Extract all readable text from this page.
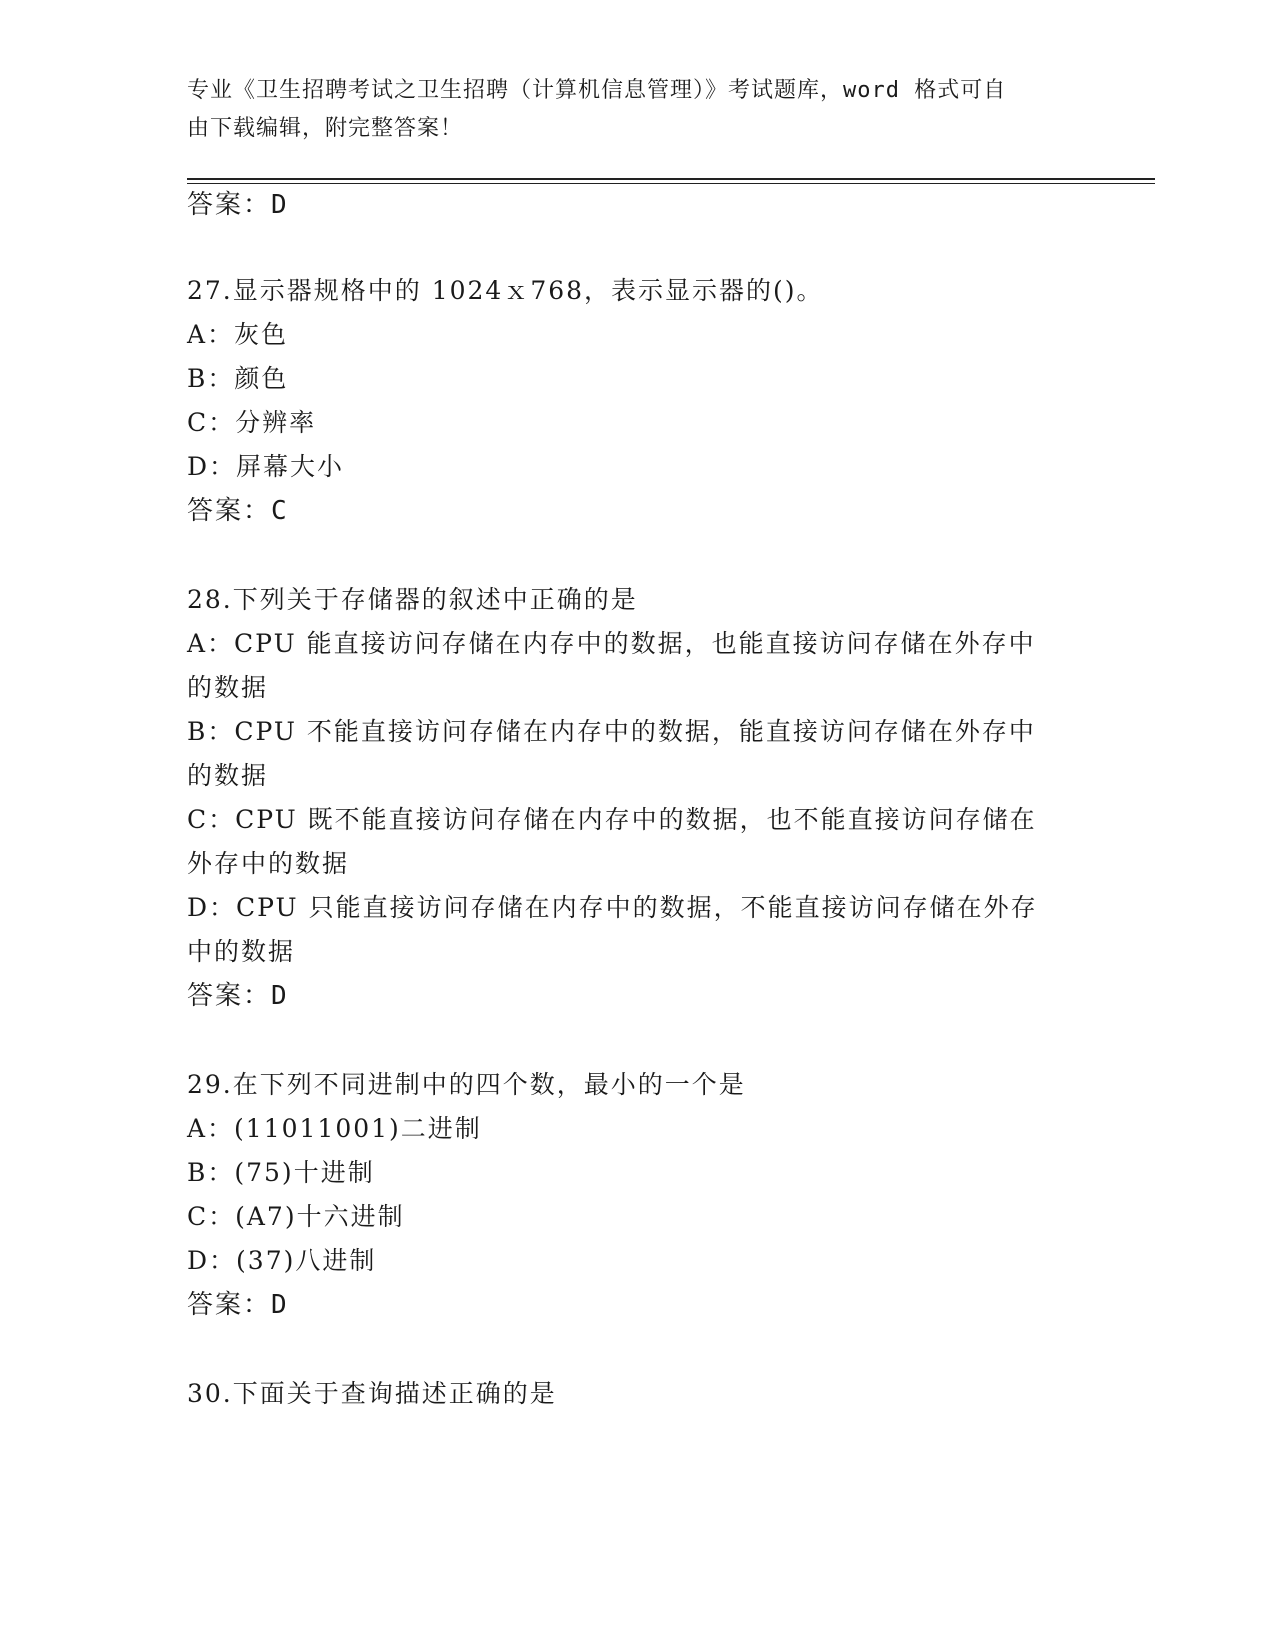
专业《卫生招聘考试之卫生招聘（计算机信息管理）》考试题库，word 格式可自
由下载编辑，附完整答案！
答案：D
27.显示器规格中的 1024ｘ768，表示显示器的()。
A：灰色
B：颜色
C：分辨率
D：屏幕大小
答案：C
28.下列关于存储器的叙述中正确的是
A：CPU 能直接访问存储在内存中的数据，也能直接访问存储在外存中
的数据
B：CPU 不能直接访问存储在内存中的数据，能直接访问存储在外存中
的数据
C：CPU 既不能直接访问存储在内存中的数据，也不能直接访问存储在
外存中的数据
D：CPU 只能直接访问存储在内存中的数据，不能直接访问存储在外存
中的数据
答案：D
29.在下列不同进制中的四个数，最小的一个是
A：(11011001)二进制
B：(75)十进制
C：(A7)十六进制
D：(37)八进制
答案：D
30.下面关于查询描述正确的是
